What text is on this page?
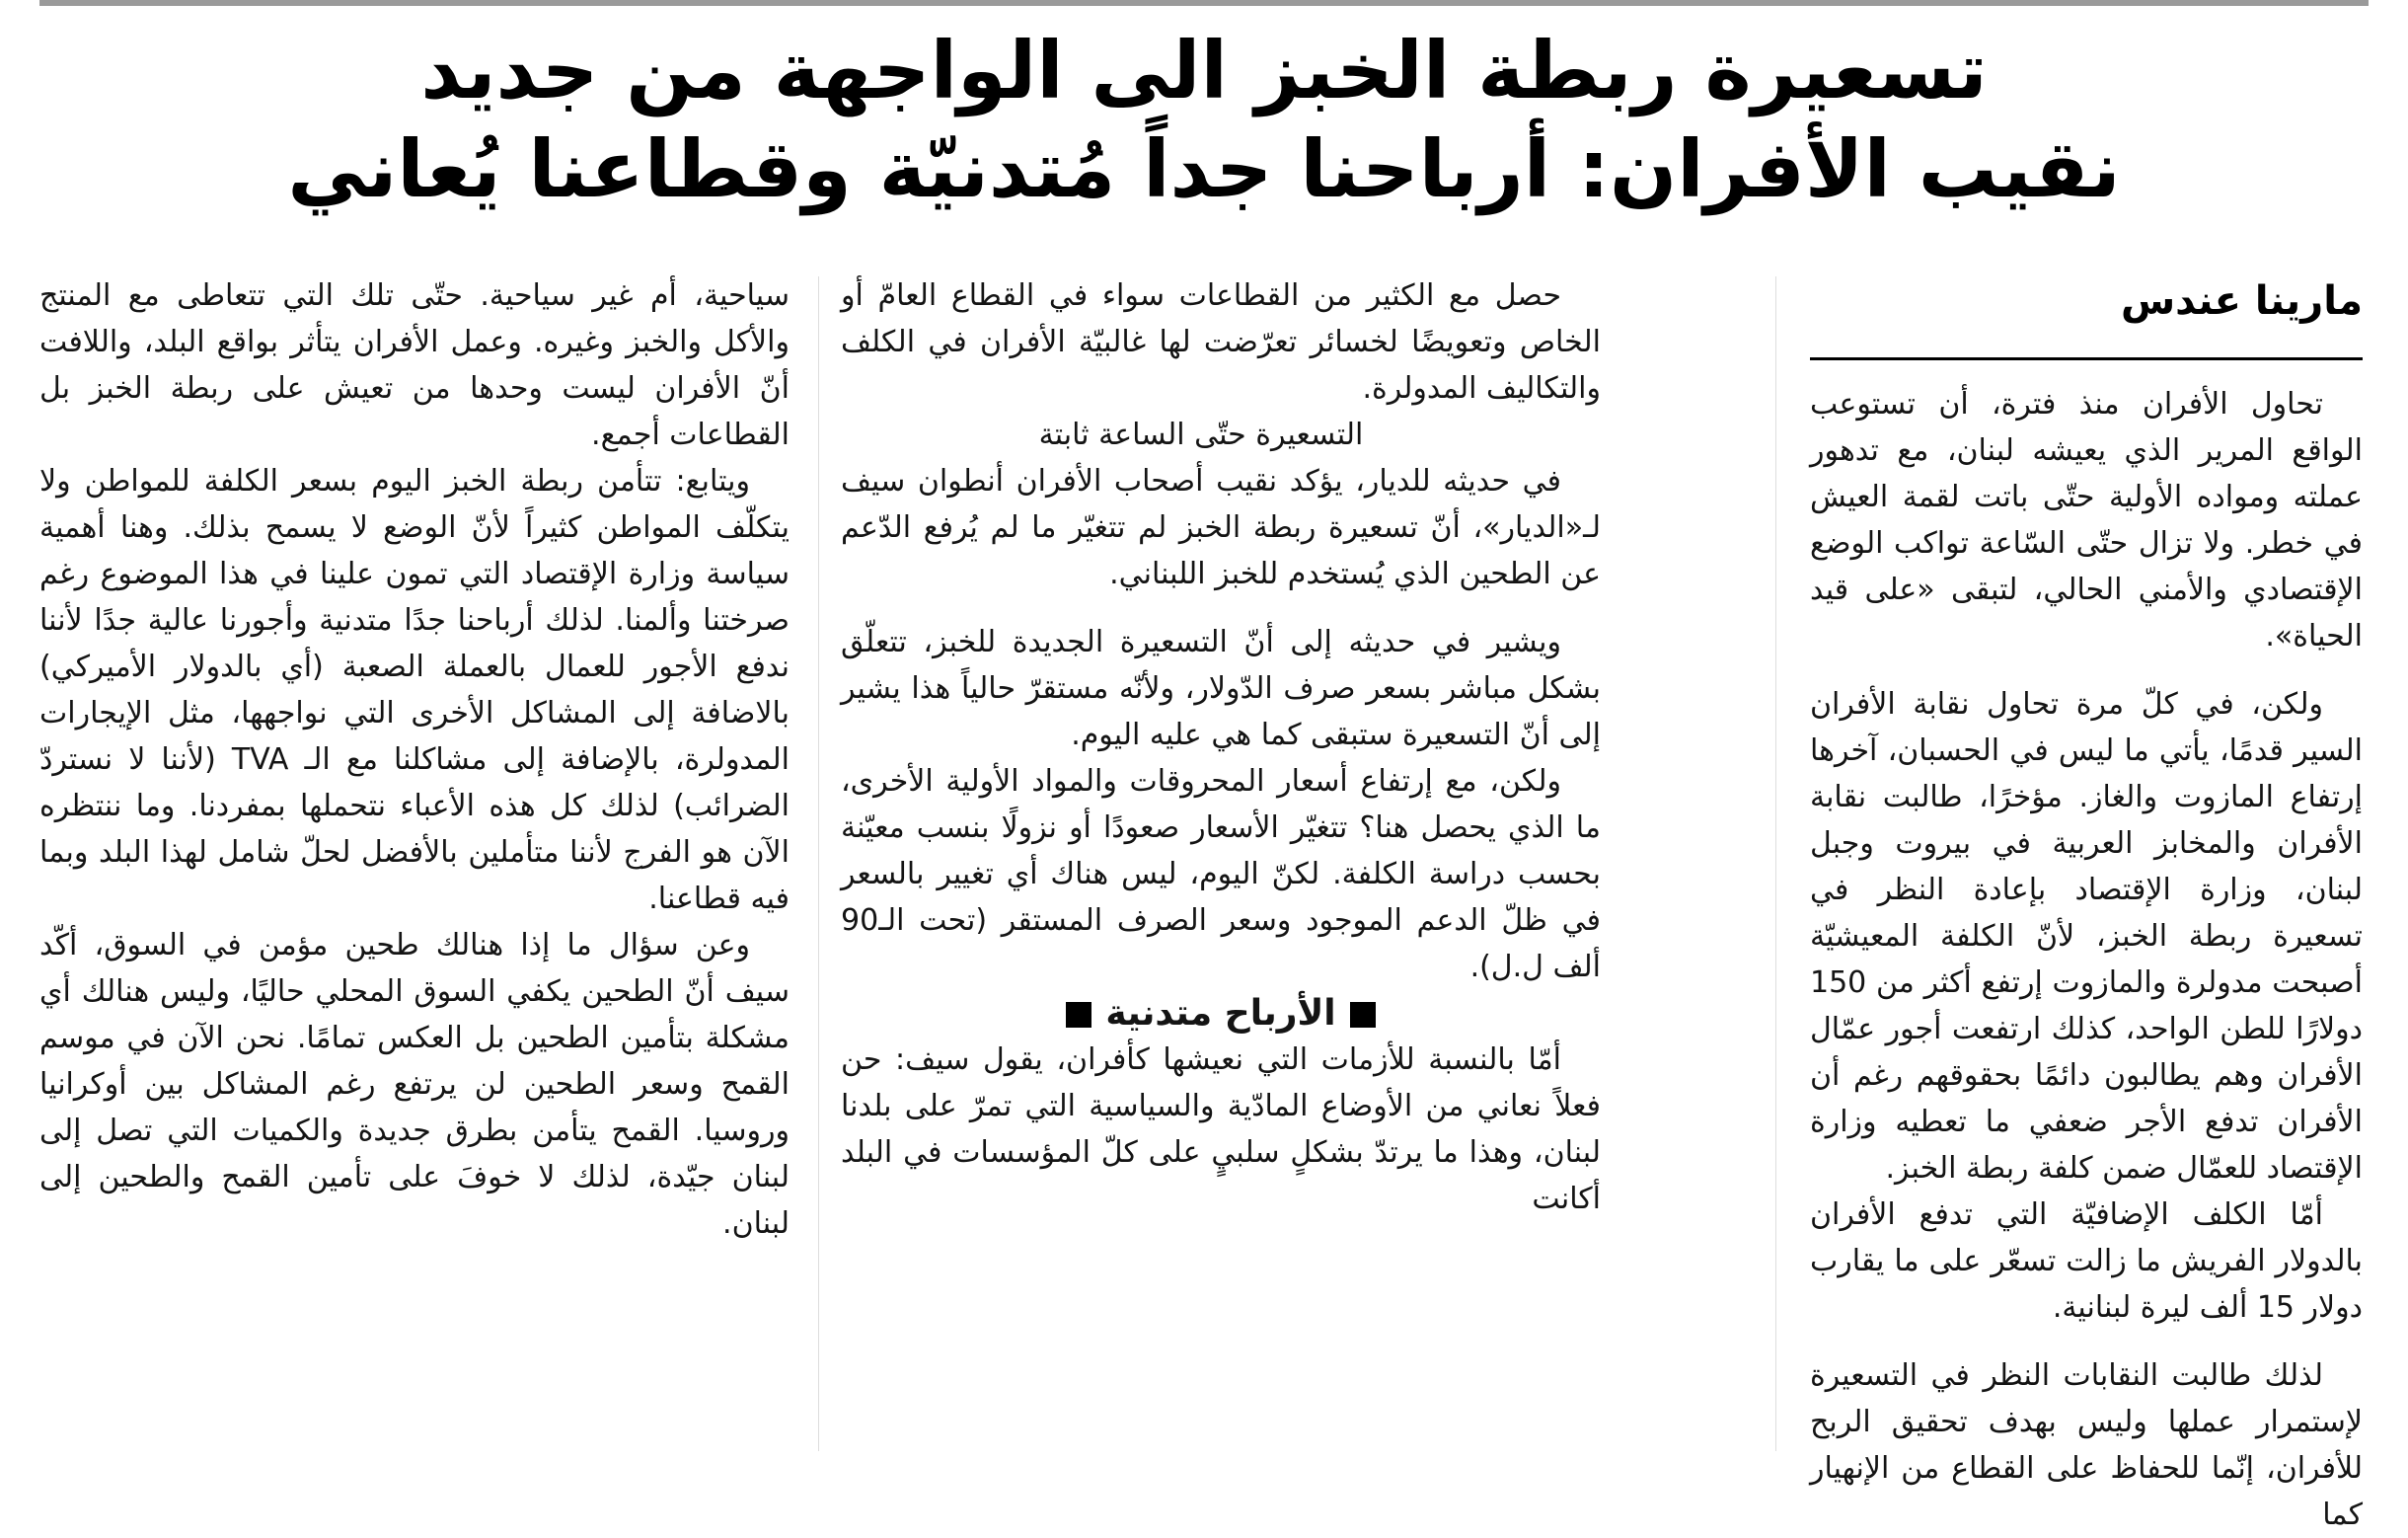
تسعيرة ربطة الخبز الى الواجهة من جديد
نقيب الأفران: أرباحنا جداً مُتدنيّة وقطاعنا يُعاني
مارينا عندس

تحاول الأفران منذ فترة، أن تستوعب الواقع المرير الذي يعيشه لبنان، مع تدهور عملته ومواده الأولية حتّى باتت لقمة العيش في خطر. ولا تزال حتّى السّاعة تواكب الوضع الإقتصادي والأمني الحالي، لتبقى «على قيد الحياة».

ولكن، في كلّ مرة تحاول نقابة الأفران السير قدمًا، يأتي ما ليس في الحسبان، آخرها إرتفاع المازوت والغاز. مؤخرًا، طالبت نقابة الأفران والمخابز العربية في بيروت وجبل لبنان، وزارة الإقتصاد بإعادة النظر في تسعيرة ربطة الخبز، لأنّ الكلفة المعيشيّة أصبحت مدولرة والمازوت إرتفع أكثر من 150 دولارًا للطن الواحد، كذلك ارتفعت أجور عمّال الأفران وهم يطالبون دائمًا بحقوقهم رغم أن الأفران تدفع الأجر ضعفي ما تعطيه وزارة الإقتصاد للعمّال ضمن كلفة ربطة الخبز.

أمّا الكلف الإضافيّة التي تدفع الأفران بالدولار الفريش ما زالت تسعّر على ما يقارب دولار 15 ألف ليرة لبنانية.

لذلك طالبت النقابات النظر في التسعيرة لإستمرار عملها وليس بهدف تحقيق الربح للأفران، إنّما للحفاظ على القطاع من الإنهيار كما

حصل مع الكثير من القطاعات سواء في القطاع العامّ أو الخاص وتعويضًا لخسائر تعرّضت لها غالبيّة الأفران في الكلف والتكاليف المدولرة.

التسعيرة حتّى الساعة ثابتة

في حديثه للديار، يؤكد نقيب أصحاب الأفران أنطوان سيف لـ«الديار»، أنّ تسعيرة ربطة الخبز لم تتغيّر ما لم يُرفع الدّعم عن الطحين الذي يُستخدم للخبز اللبناني.

ويشير في حديثه إلى أنّ التسعيرة الجديدة للخبز، تتعلّق بشكل مباشر بسعر صرف الدّولار، ولأنّه مستقرّ حالياً هذا يشير إلى أنّ التسعيرة ستبقى كما هي عليه اليوم.

ولكن، مع إرتفاع أسعار المحروقات والمواد الأولية الأخرى، ما الذي يحصل هنا؟ تتغيّر الأسعار صعودًا أو نزولًا بنسب معيّنة بحسب دراسة الكلفة. لكنّ اليوم، ليس هناك أي تغيير بالسعر في ظلّ الدعم الموجود وسعر الصرف المستقر (تحت الـ90 ألف ل.ل).

الأرباح متدنية

أمّا بالنسبة للأزمات التي نعيشها كأفران، يقول سيف: حن فعلاً نعاني من الأوضاع المادّية والسياسية التي تمرّ على بلدنا لبنان، وهذا ما يرتدّ بشكلٍ سلبيٍ على كلّ المؤسسات في البلد أكانت

سياحية، أم غير سياحية. حتّى تلك التي تتعاطى مع المنتج والأكل والخبز وغيره. وعمل الأفران يتأثر بواقع البلد، واللافت أنّ الأفران ليست وحدها من تعيش على ربطة الخبز بل القطاعات أجمع.

ويتابع: تتأمن ربطة الخبز اليوم بسعر الكلفة للمواطن ولا يتكلّف المواطن كثيراً لأنّ الوضع لا يسمح بذلك. وهنا أهمية سياسة وزارة الإقتصاد التي تمون علينا في هذا الموضوع رغم صرختنا وألمنا. لذلك أرباحنا جدًا متدنية وأجورنا عالية جدًا لأننا ندفع الأجور للعمال بالعملة الصعبة (أي بالدولار الأميركي) بالاضافة إلى المشاكل الأخرى التي نواجهها، مثل الإيجارات المدولرة، بالإضافة إلى مشاكلنا مع الـ TVA (لأننا لا نستردّ الضرائب) لذلك كل هذه الأعباء نتحملها بمفردنا. وما ننتظره الآن هو الفرج لأننا متأملين بالأفضل لحلّ شامل لهذا البلد وبما فيه قطاعنا.

وعن سؤال ما إذا هنالك طحين مؤمن في السوق، أكّد سيف أنّ الطحين يكفي السوق المحلي حاليًا، وليس هنالك أي مشكلة بتأمين الطحين بل العكس تمامًا. نحن الآن في موسم القمح وسعر الطحين لن يرتفع رغم المشاكل بين أوكرانيا وروسيا. القمح يتأمن بطرق جديدة والكميات التي تصل إلى لبنان جيّدة، لذلك لا خوفَ على تأمين القمح والطحين إلى لبنان.
